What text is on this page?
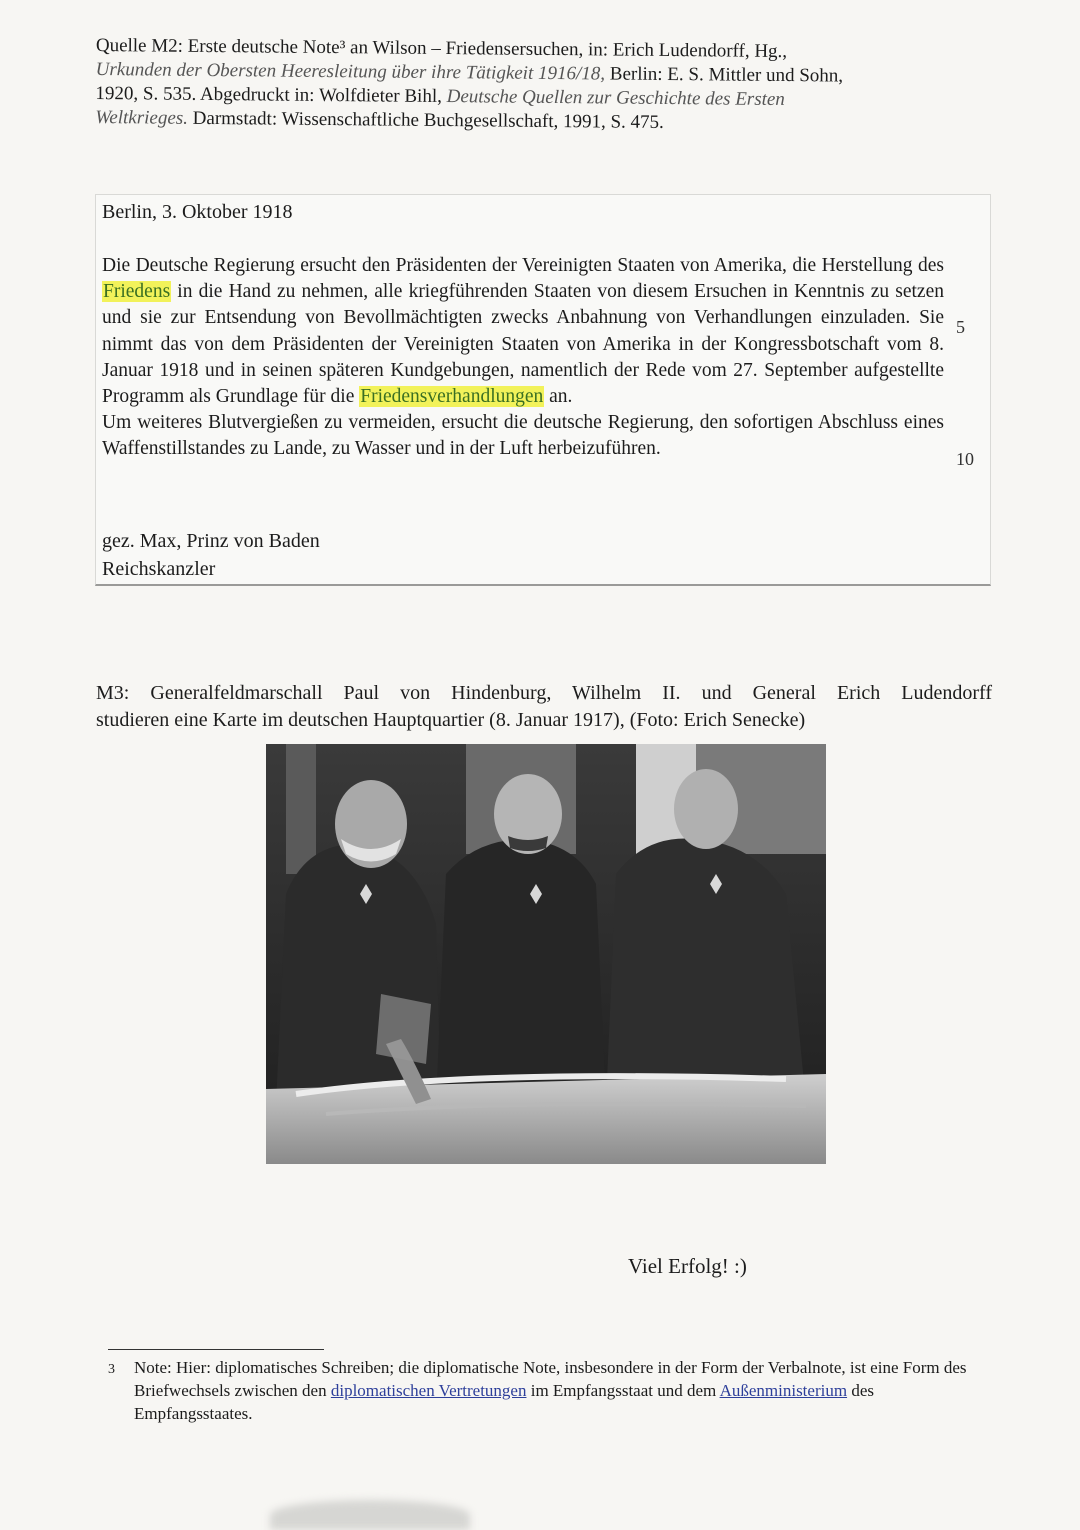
Quelle M2: Erste deutsche Note³ an Wilson – Friedensersuchen, in: Erich Ludendorff, Hg.,
Urkunden der Obersten Heeresleitung über ihre Tätigkeit 1916/18, Berlin: E. S. Mittler und Sohn,
1920, S. 535. Abgedruckt in: Wolfdieter Bihl, Deutsche Quellen zur Geschichte des Ersten
Weltkrieges. Darmstadt: Wissenschaftliche Buchgesellschaft, 1991, S. 475.
Berlin, 3. Oktober 1918

Die Deutsche Regierung ersucht den Präsidenten der Vereinigten Staaten von Amerika, die Herstellung des Friedens in die Hand zu nehmen, alle kriegführenden Staaten von diesem Ersuchen in Kenntnis zu setzen und sie zur Entsendung von Bevollmächtigten zwecks Anbahnung von Verhandlungen einzuladen. Sie nimmt das von dem Präsidenten der Vereinigten Staaten von Amerika in der Kongressbotschaft vom 8. Januar 1918 und in seinen späteren Kundgebungen, namentlich der Rede vom 27. September aufgestellte Programm als Grundlage für die Friedensverhandlungen an.

Um weiteres Blutvergießen zu vermeiden, ersucht die deutsche Regierung, den sofortigen Abschluss eines Waffenstillstandes zu Lande, zu Wasser und in der Luft herbeizuführen.

5
10
gez. Max, Prinz von Baden
Reichskanzler
M3: Generalfeldmarschall Paul von Hindenburg, Wilhelm II. und General Erich Ludendorff
studieren eine Karte im deutschen Hauptquartier (8. Januar 1917), (Foto: Erich Senecke)
Viel Erfolg! :)
3 Note: Hier: diplomatisches Schreiben; die diplomatische Note, insbesondere in der Form der Verbalnote, ist eine Form des Briefwechsels zwischen den diplomatischen Vertretungen im Empfangsstaat und dem Außenministerium des Empfangsstaates.
